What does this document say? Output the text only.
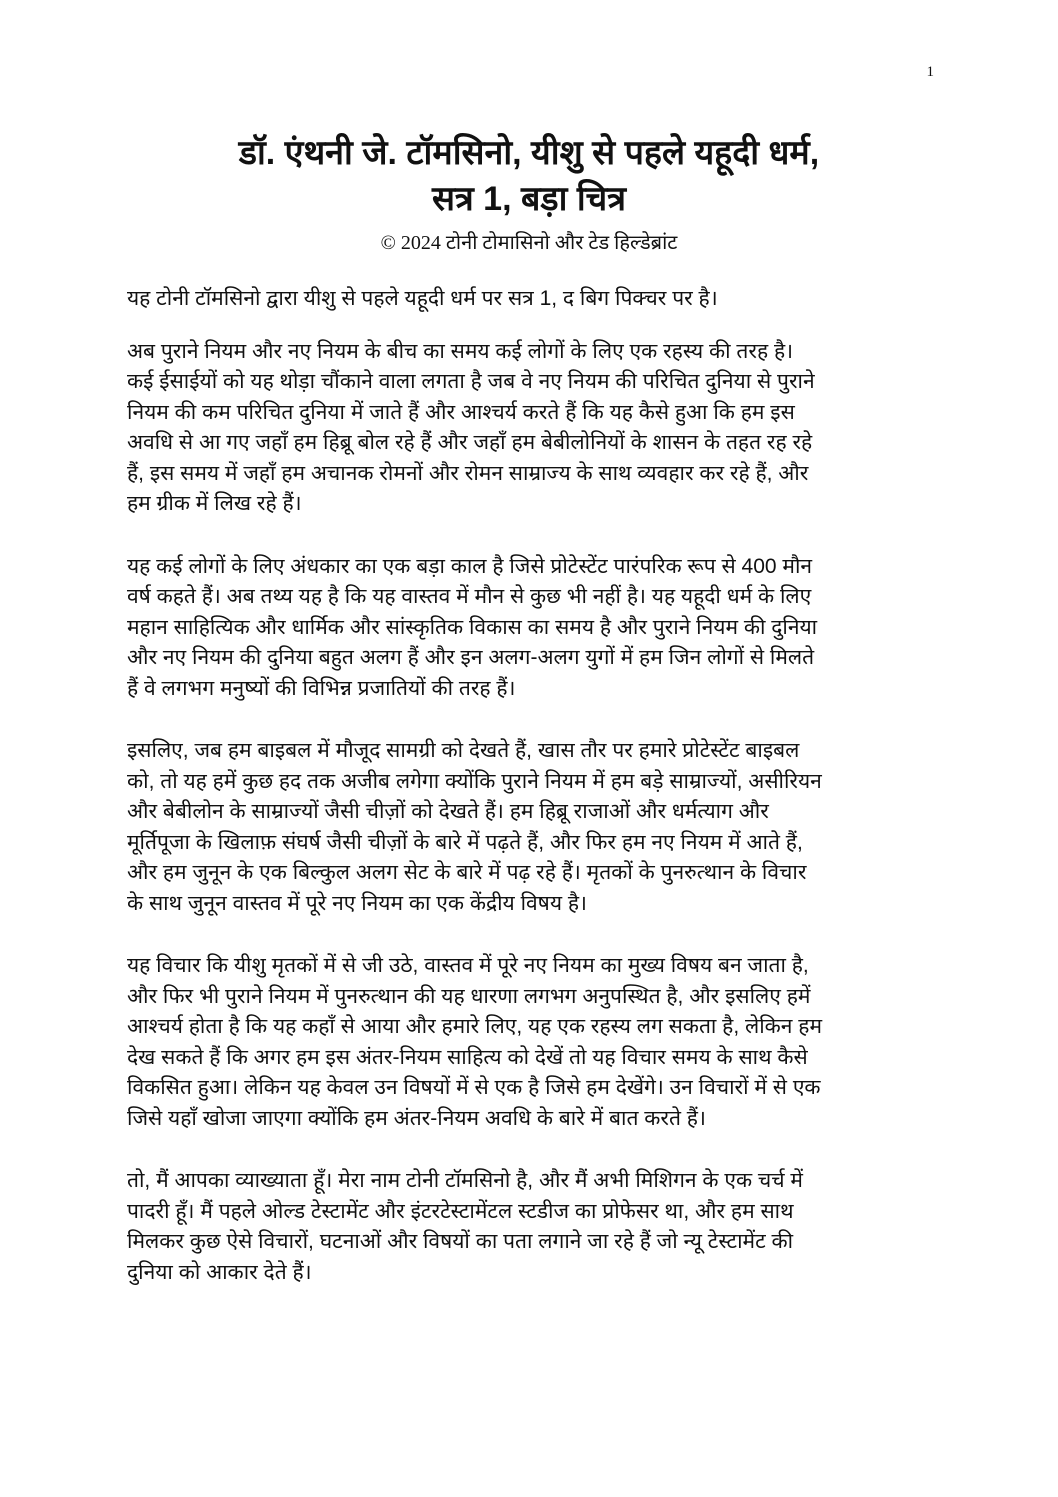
1
डॉ. एंथनी जे. टॉमसिनो, यीशु से पहले यहूदी धर्म,
सत्र 1, बड़ा चित्र
© 2024 टोनी टोमासिनो और टेड हिल्डेब्रांट

यह टोनी टॉमसिनो द्वारा यीशु से पहले यहूदी धर्म पर सत्र 1, द बिग पिक्चर पर है।

अब पुराने नियम और नए नियम के बीच का समय कई लोगों के लिए एक रहस्य की तरह है।
कई ईसाईयों को यह थोड़ा चौंकाने वाला लगता है जब वे नए नियम की परिचित दुनिया से पुराने
नियम की कम परिचित दुनिया में जाते हैं और आश्चर्य करते हैं कि यह कैसे हुआ कि हम इस
अवधि से आ गए जहाँ हम हिब्रू बोल रहे हैं और जहाँ हम बेबीलोनियों के शासन के तहत रह रहे
हैं, इस समय में जहाँ हम अचानक रोमनों और रोमन साम्राज्य के साथ व्यवहार कर रहे हैं, और
हम ग्रीक में लिख रहे हैं।

यह कई लोगों के लिए अंधकार का एक बड़ा काल है जिसे प्रोटेस्टेंट पारंपरिक रूप से 400 मौन
वर्ष कहते हैं। अब तथ्य यह है कि यह वास्तव में मौन से कुछ भी नहीं है। यह यहूदी धर्म के लिए
महान साहित्यिक और धार्मिक और सांस्कृतिक विकास का समय है और पुराने नियम की दुनिया
और नए नियम की दुनिया बहुत अलग हैं और इन अलग-अलग युगों में हम जिन लोगों से मिलते
हैं वे लगभग मनुष्यों की विभिन्न प्रजातियों की तरह हैं।

इसलिए, जब हम बाइबल में मौजूद सामग्री को देखते हैं, खास तौर पर हमारे प्रोटेस्टेंट बाइबल
को, तो यह हमें कुछ हद तक अजीब लगेगा क्योंकि पुराने नियम में हम बड़े साम्राज्यों, असीरियन
और बेबीलोन के साम्राज्यों जैसी चीज़ों को देखते हैं। हम हिब्रू राजाओं और धर्मत्याग और
मूर्तिपूजा के खिलाफ़ संघर्ष जैसी चीज़ों के बारे में पढ़ते हैं, और फिर हम नए नियम में आते हैं,
और हम जुनून के एक बिल्कुल अलग सेट के बारे में पढ़ रहे हैं। मृतकों के पुनरुत्थान के विचार
के साथ जुनून वास्तव में पूरे नए नियम का एक केंद्रीय विषय है।

यह विचार कि यीशु मृतकों में से जी उठे, वास्तव में पूरे नए नियम का मुख्य विषय बन जाता है,
और फिर भी पुराने नियम में पुनरुत्थान की यह धारणा लगभग अनुपस्थित है, और इसलिए हमें
आश्चर्य होता है कि यह कहाँ से आया और हमारे लिए, यह एक रहस्य लग सकता है, लेकिन हम
देख सकते हैं कि अगर हम इस अंतर-नियम साहित्य को देखें तो यह विचार समय के साथ कैसे
विकसित हुआ। लेकिन यह केवल उन विषयों में से एक है जिसे हम देखेंगे। उन विचारों में से एक
जिसे यहाँ खोजा जाएगा क्योंकि हम अंतर-नियम अवधि के बारे में बात करते हैं।

तो, मैं आपका व्याख्याता हूँ। मेरा नाम टोनी टॉमसिनो है, और मैं अभी मिशिगन के एक चर्च में
पादरी हूँ। मैं पहले ओल्ड टेस्टामेंट और इंटरटेस्टामेंटल स्टडीज का प्रोफेसर था, और हम साथ
मिलकर कुछ ऐसे विचारों, घटनाओं और विषयों का पता लगाने जा रहे हैं जो न्यू टेस्टामेंट की
दुनिया को आकार देते हैं।
